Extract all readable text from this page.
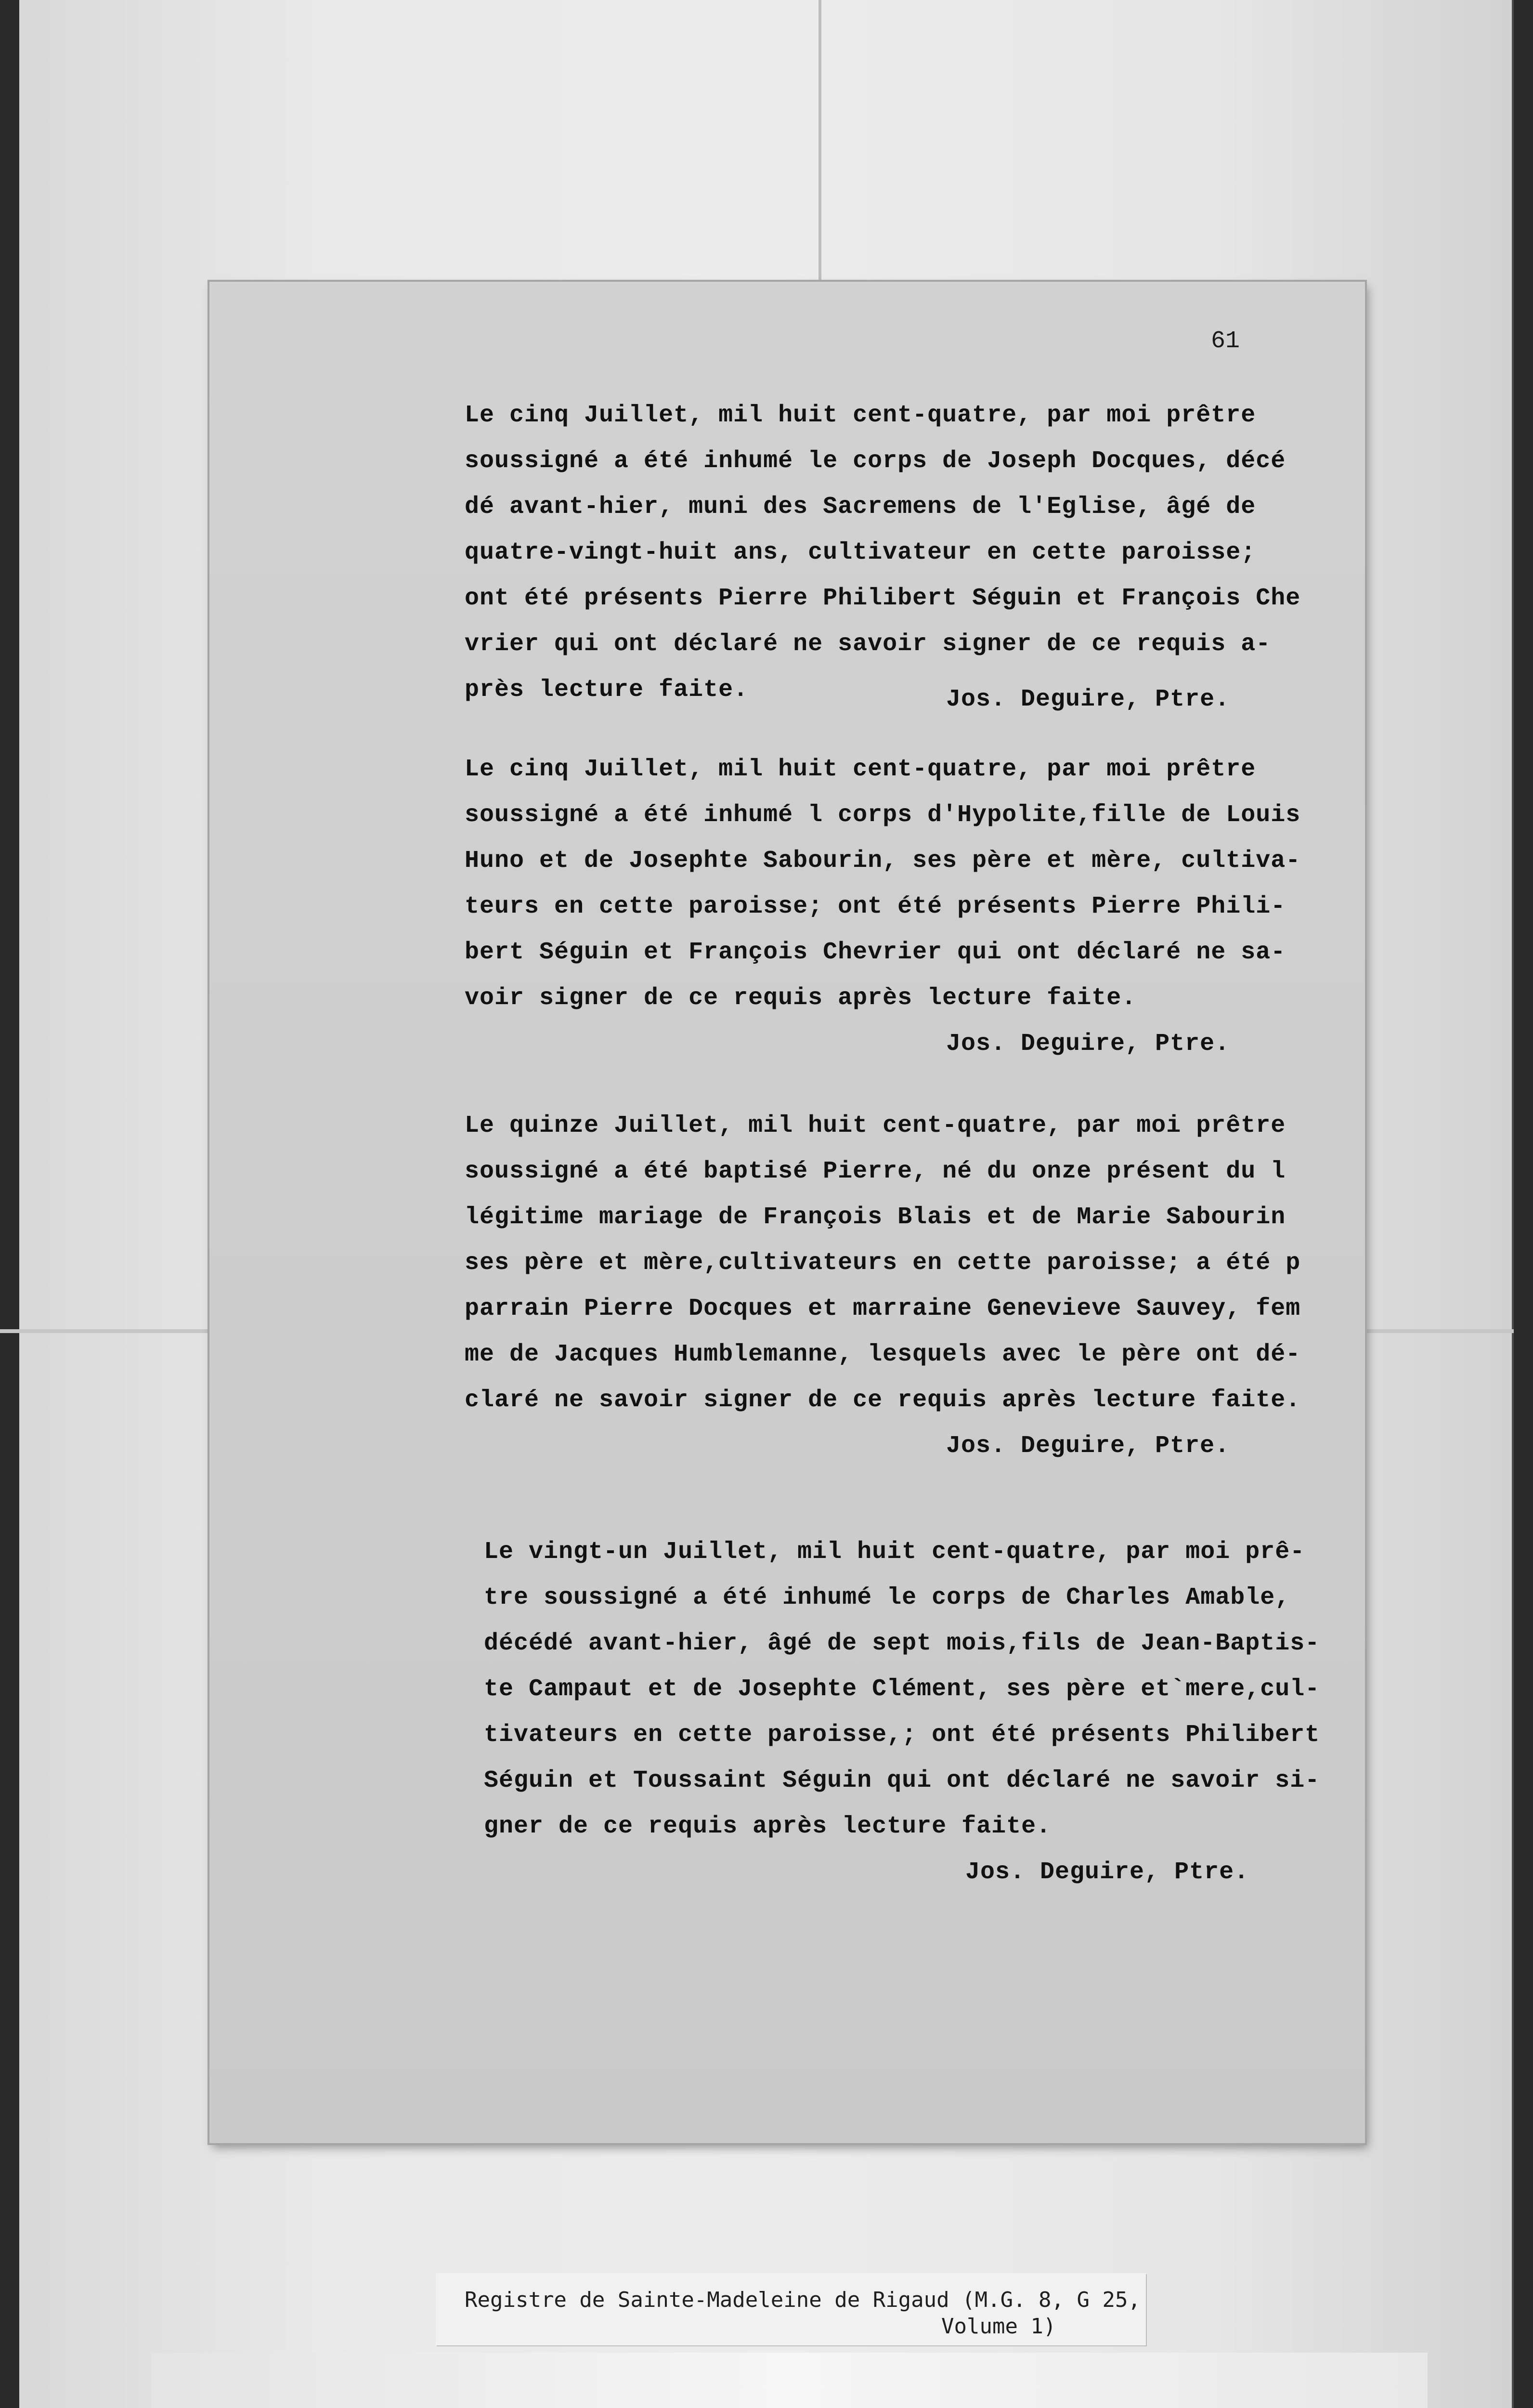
61
Le cinq Juillet, mil huit cent-quatre, par moi prêtre
soussigné a été inhumé le corps de Joseph Docques, décé
dé avant-hier, muni des Sacremens de l'Eglise, âgé de
quatre-vingt-huit ans, cultivateur en cette paroisse;
ont été présents Pierre Philibert Séguin et François Che
vrier qui ont déclaré ne savoir signer de ce requis a-
près lecture faite.	Jos. Deguire, Ptre.
Le cinq Juillet, mil huit cent-quatre, par moi prêtre
soussigné a été inhumé l corps d'Hypolite,fille de Louis
Huno et de Josephte Sabourin, ses père et mère, cultiva-
teurs en cette paroisse; ont été présents Pierre Phili-
bert Séguin et François Chevrier qui ont déclaré ne sa-
voir signer de ce requis après lecture faite.
Jos. Deguire, Ptre.
Le quinze Juillet, mil huit cent-quatre, par moi prêtre
soussigné a été baptisé Pierre, né du onze présent du l
légitime mariage de François Blais et de Marie Sabourin
ses père et mère,cultivateurs en cette paroisse; a été p
parrain Pierre Docques et marraine Genevieve Sauvey, fem
me de Jacques Humblemanne, lesquels avec le père ont dé-
claré ne savoir signer de ce requis après lecture faite.
Jos. Deguire, Ptre.
Le vingt-un Juillet, mil huit cent-quatre, par moi prê-
tre soussigné a été inhumé le corps de Charles Amable,
décédé avant-hier, âgé de sept mois,fils de Jean-Baptis-
te Campaut et de Josephte Clément, ses père et`mere,cul-
tivateurs en cette paroisse,; ont été présents Philibert
Séguin et Toussaint Séguin qui ont déclaré ne savoir si-
gner de ce requis après lecture faite.
Jos. Deguire, Ptre.
Registre de Sainte-Madeleine de Rigaud (M.G. 8, G 25,
Volume 1)
